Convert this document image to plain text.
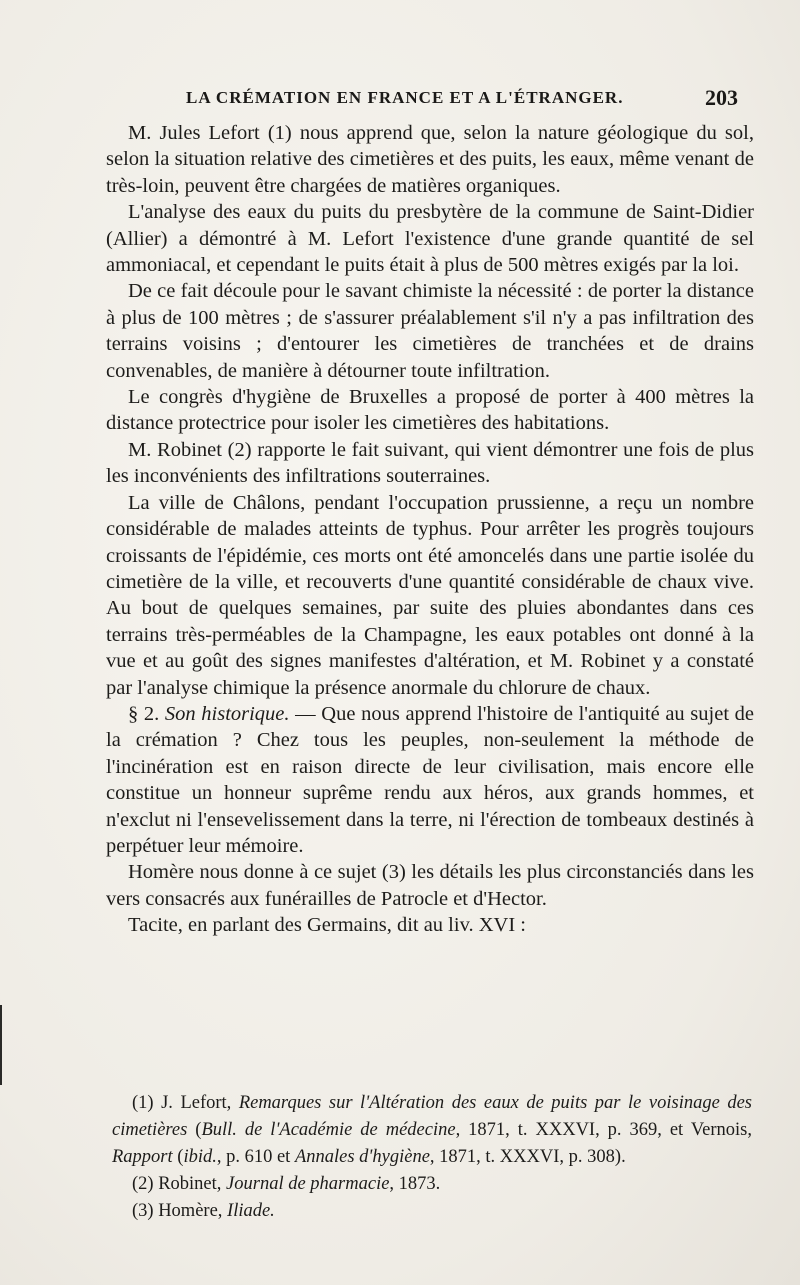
LA CRÉMATION EN FRANCE ET A L'ÉTRANGER.	203

M. Jules Lefort (1) nous apprend que, selon la nature géologique du sol, selon la situation relative des cimetières et des puits, les eaux, même venant de très-loin, peuvent être chargées de matières organiques.

L'analyse des eaux du puits du presbytère de la commune de Saint-Didier (Allier) a démontré à M. Lefort l'existence d'une grande quantité de sel ammoniacal, et cependant le puits était à plus de 500 mètres exigés par la loi.

De ce fait découle pour le savant chimiste la nécessité : de porter la distance à plus de 100 mètres ; de s'assurer préalablement s'il n'y a pas infiltration des terrains voisins ; d'entourer les cimetières de tranchées et de drains convenables, de manière à détourner toute infiltration.

Le congrès d'hygiène de Bruxelles a proposé de porter à 400 mètres la distance protectrice pour isoler les cimetières des habitations.

M. Robinet (2) rapporte le fait suivant, qui vient démontrer une fois de plus les inconvénients des infiltrations souterraines.

La ville de Châlons, pendant l'occupation prussienne, a reçu un nombre considérable de malades atteints de typhus. Pour arrêter les progrès toujours croissants de l'épidémie, ces morts ont été amoncelés dans une partie isolée du cimetière de la ville, et recouverts d'une quantité considérable de chaux vive. Au bout de quelques semaines, par suite des pluies abondantes dans ces terrains très-perméables de la Champagne, les eaux potables ont donné à la vue et au goût des signes manifestes d'altération, et M. Robinet y a constaté par l'analyse chimique la présence anormale du chlorure de chaux.

§ 2. Son historique. — Que nous apprend l'histoire de l'antiquité au sujet de la crémation ? Chez tous les peuples, non-seulement la méthode de l'incinération est en raison directe de leur civilisation, mais encore elle constitue un honneur suprême rendu aux héros, aux grands hommes, et n'exclut ni l'ensevelissement dans la terre, ni l'érection de tombeaux destinés à perpétuer leur mémoire.

Homère nous donne à ce sujet (3) les détails les plus circonstanciés dans les vers consacrés aux funérailles de Patrocle et d'Hector.

Tacite, en parlant des Germains, dit au liv. XVI :

(1) J. Lefort, Remarques sur l'Altération des eaux de puits par le voisinage des cimetières (Bull. de l'Académie de médecine, 1871, t. XXXVI, p. 369, et Vernois, Rapport (ibid., p. 610 et Annales d'hygiène, 1871, t. XXXVI, p. 308).

(2) Robinet, Journal de pharmacie, 1873.

(3) Homère, Iliade.
